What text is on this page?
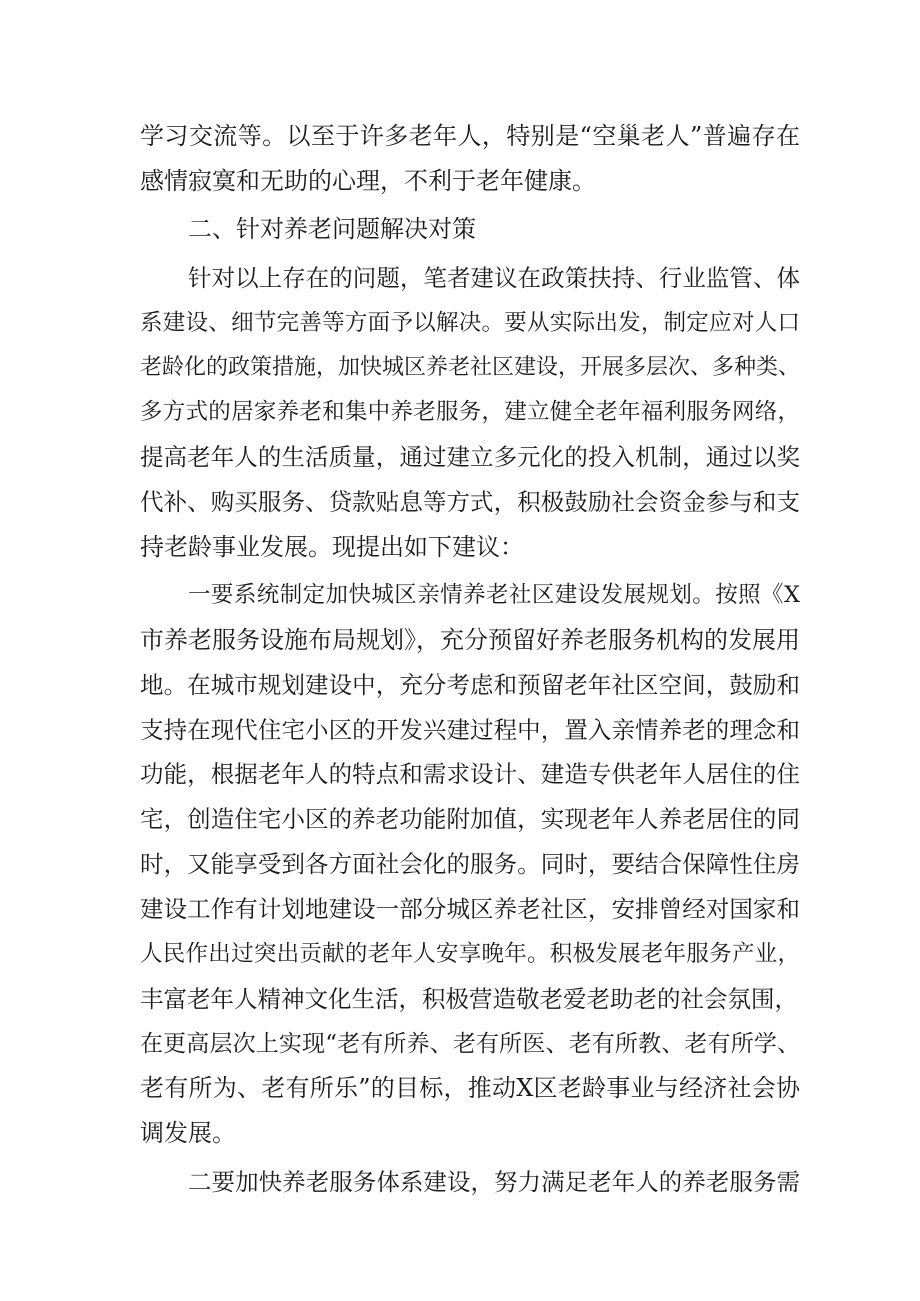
学习交流等。以至于许多老年人，特别是“空巢老人”普遍存在
感情寂寞和无助的心理，不利于老年健康。
二、针对养老问题解决对策
针对以上存在的问题，笔者建议在政策扶持、行业监管、体
系建设、细节完善等方面予以解决。要从实际出发，制定应对人口
老龄化的政策措施，加快城区养老社区建设，开展多层次、多种类、
多方式的居家养老和集中养老服务，建立健全老年福利服务网络，
提高老年人的生活质量，通过建立多元化的投入机制，通过以奖
代补、购买服务、贷款贴息等方式，积极鼓励社会资金参与和支
持老龄事业发展。现提出如下建议：
一要系统制定加快城区亲情养老社区建设发展规划。按照《X
市养老服务设施布局规划》，充分预留好养老服务机构的发展用
地。在城市规划建设中，充分考虑和预留老年社区空间，鼓励和
支持在现代住宅小区的开发兴建过程中，置入亲情养老的理念和
功能，根据老年人的特点和需求设计、建造专供老年人居住的住
宅，创造住宅小区的养老功能附加值，实现老年人养老居住的同
时，又能享受到各方面社会化的服务。同时，要结合保障性住房
建设工作有计划地建设一部分城区养老社区，安排曾经对国家和
人民作出过突出贡献的老年人安享晚年。积极发展老年服务产业，
丰富老年人精神文化生活，积极营造敬老爱老助老的社会氛围，
在更高层次上实现“老有所养、老有所医、老有所教、老有所学、
老有所为、老有所乐”的目标，推动X区老龄事业与经济社会协
调发展。
二要加快养老服务体系建设，努力满足老年人的养老服务需
